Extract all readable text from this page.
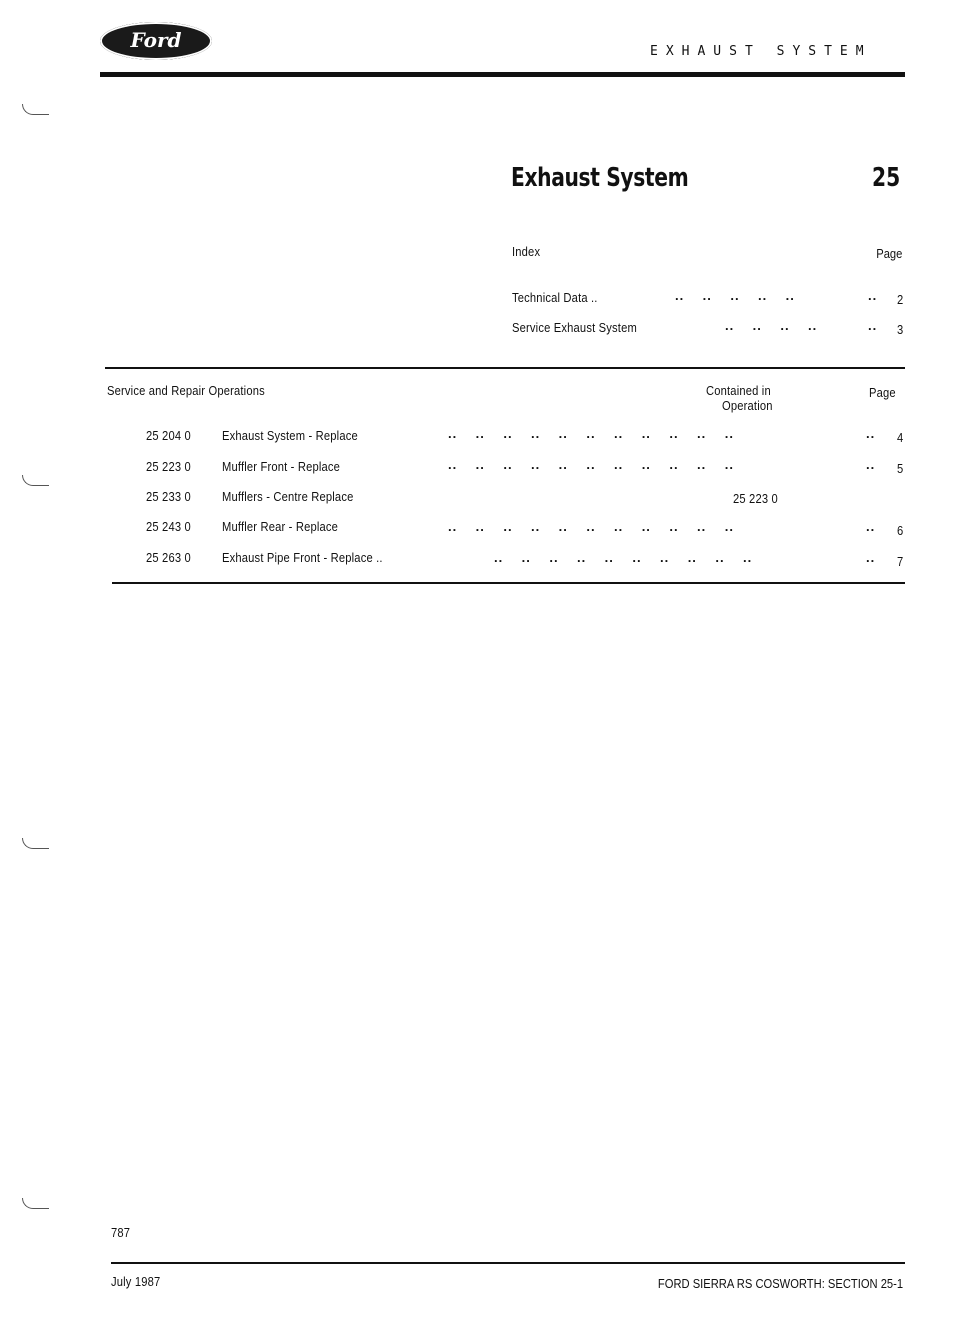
Ford	EXHAUST SYSTEM
Exhaust System	25
Index	Page
Technical Data ..	..    ..    ..    ..    ..	2
..
Service Exhaust System	..    ..    ..    ..	3
..
Service and Repair Operations	Contained in
Operation
Page
25 204 0 Exhaust System - Replace	..    ..    ..    ..    ..    ..    ..    ..    ..    ..    ..	4
..
25 223 0 Muffler Front - Replace	..    ..    ..    ..    ..    ..    ..    ..    ..    ..    ..	5
..
25 233 0 Mufflers - Centre Replace	25 223 0
25 243 0 Muffler Rear - Replace	..    ..    ..    ..    ..    ..    ..    ..    ..    ..    ..	6
..
25 263 0 Exhaust Pipe Front - Replace ..	..    ..    ..    ..    ..    ..    ..    ..    ..    ..	7
..
787
July 1987	FORD SIERRA RS COSWORTH: SECTION 25-1
